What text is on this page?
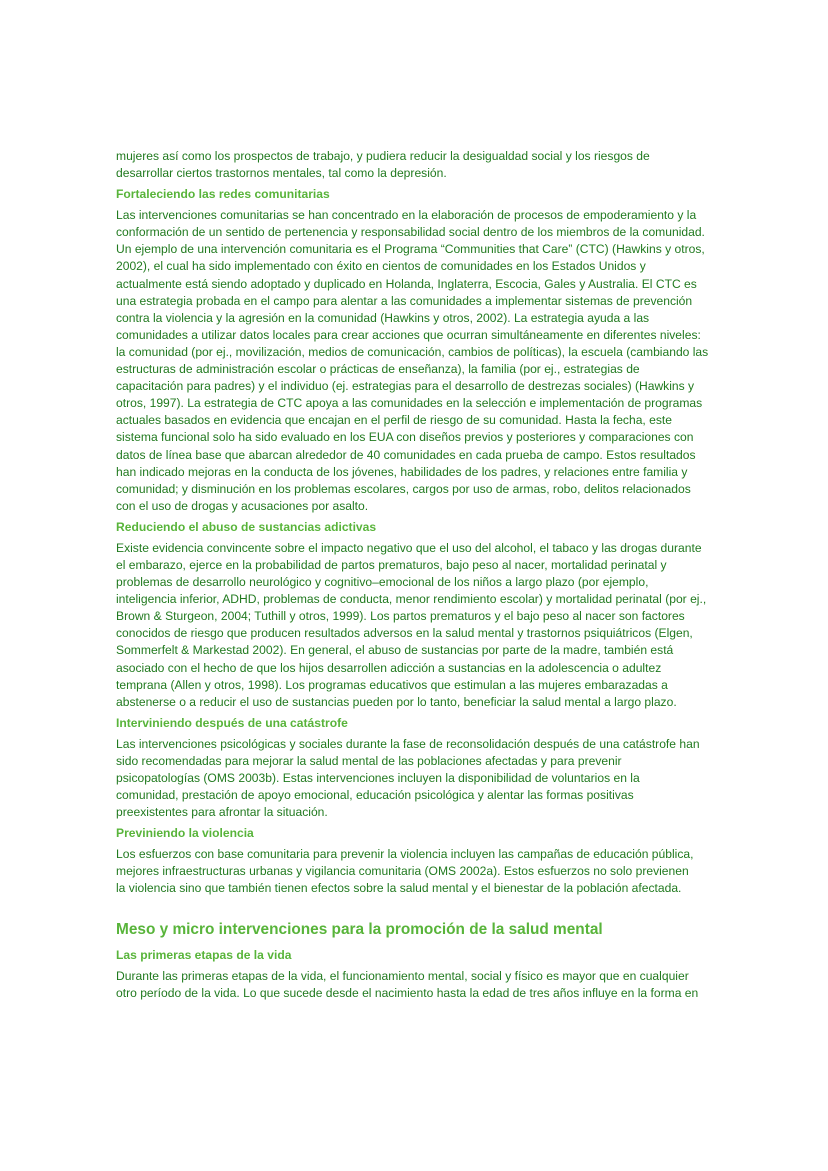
mujeres así como los prospectos de trabajo, y pudiera reducir la desigualdad social y los riesgos de
desarrollar ciertos trastornos mentales, tal como la depresión.

Fortaleciendo las redes comunitarias

Las intervenciones comunitarias se han concentrado en la elaboración de procesos de empoderamiento y la
conformación de un sentido de pertenencia y responsabilidad social dentro de los miembros de la comunidad.
Un ejemplo de una intervención comunitaria es el Programa “Communities that Care” (CTC) (Hawkins y otros,
2002), el cual ha sido implementado con éxito en cientos de comunidades en los Estados Unidos y
actualmente está siendo adoptado y duplicado en Holanda, Inglaterra, Escocia, Gales y Australia. El CTC es
una estrategia probada en el campo para alentar a las comunidades a implementar sistemas de prevención
contra la violencia y la agresión en la comunidad (Hawkins y otros, 2002). La estrategia ayuda a las
comunidades a utilizar datos locales para crear acciones que ocurran simultáneamente en diferentes niveles:
la comunidad (por ej., movilización, medios de comunicación, cambios de políticas), la escuela (cambiando las
estructuras de administración escolar o prácticas de enseñanza), la familia (por ej., estrategias de
capacitación para padres) y el individuo (ej. estrategias para el desarrollo de destrezas sociales) (Hawkins y
otros, 1997). La estrategia de CTC apoya a las comunidades en la selección e implementación de programas
actuales basados en evidencia que encajan en el perfil de riesgo de su comunidad. Hasta la fecha, este
sistema funcional solo ha sido evaluado en los EUA con diseños previos y posteriores y comparaciones con
datos de línea base que abarcan alrededor de 40 comunidades en cada prueba de campo. Estos resultados
han indicado mejoras en la conducta de los jóvenes, habilidades de los padres, y relaciones entre familia y
comunidad; y disminución en los problemas escolares, cargos por uso de armas, robo, delitos relacionados
con el uso de drogas y acusaciones por asalto.

Reduciendo el abuso de sustancias adictivas

Existe evidencia convincente sobre el impacto negativo que el uso del alcohol, el tabaco y las drogas durante
el embarazo, ejerce en la probabilidad de partos prematuros, bajo peso al nacer, mortalidad perinatal y
problemas de desarrollo neurológico y cognitivo–emocional de los niños a largo plazo (por ejemplo,
inteligencia inferior, ADHD, problemas de conducta, menor rendimiento escolar) y mortalidad perinatal (por ej.,
Brown & Sturgeon, 2004; Tuthill y otros, 1999). Los partos prematuros y el bajo peso al nacer son factores
conocidos de riesgo que producen resultados adversos en la salud mental y trastornos psiquiátricos (Elgen,
Sommerfelt & Markestad 2002). En general, el abuso de sustancias por parte de la madre, también está
asociado con el hecho de que los hijos desarrollen adicción a sustancias en la adolescencia o adultez
temprana (Allen y otros, 1998). Los programas educativos que estimulan a las mujeres embarazadas a
abstenerse o a reducir el uso de sustancias pueden por lo tanto, beneficiar la salud mental a largo plazo.

Interviniendo después de una catástrofe

Las intervenciones psicológicas y sociales durante la fase de reconsolidación después de una catástrofe han
sido recomendadas para mejorar la salud mental de las poblaciones afectadas y para prevenir
psicopatologías (OMS 2003b). Estas intervenciones incluyen la disponibilidad de voluntarios en la
comunidad, prestación de apoyo emocional, educación psicológica y alentar las formas positivas
preexistentes para afrontar la situación.

Previniendo la violencia

Los esfuerzos con base comunitaria para prevenir la violencia incluyen las campañas de educación pública,
mejores infraestructuras urbanas y vigilancia comunitaria (OMS 2002a). Estos esfuerzos no solo previenen
la violencia sino que también tienen efectos sobre la salud mental y el bienestar de la población afectada.

Meso y micro intervenciones para la promoción de la salud mental
Las primeras etapas de la vida

Durante las primeras etapas de la vida, el funcionamiento mental, social y físico es mayor que en cualquier
otro período de la vida. Lo que sucede desde el nacimiento hasta la edad de tres años influye en la forma en
